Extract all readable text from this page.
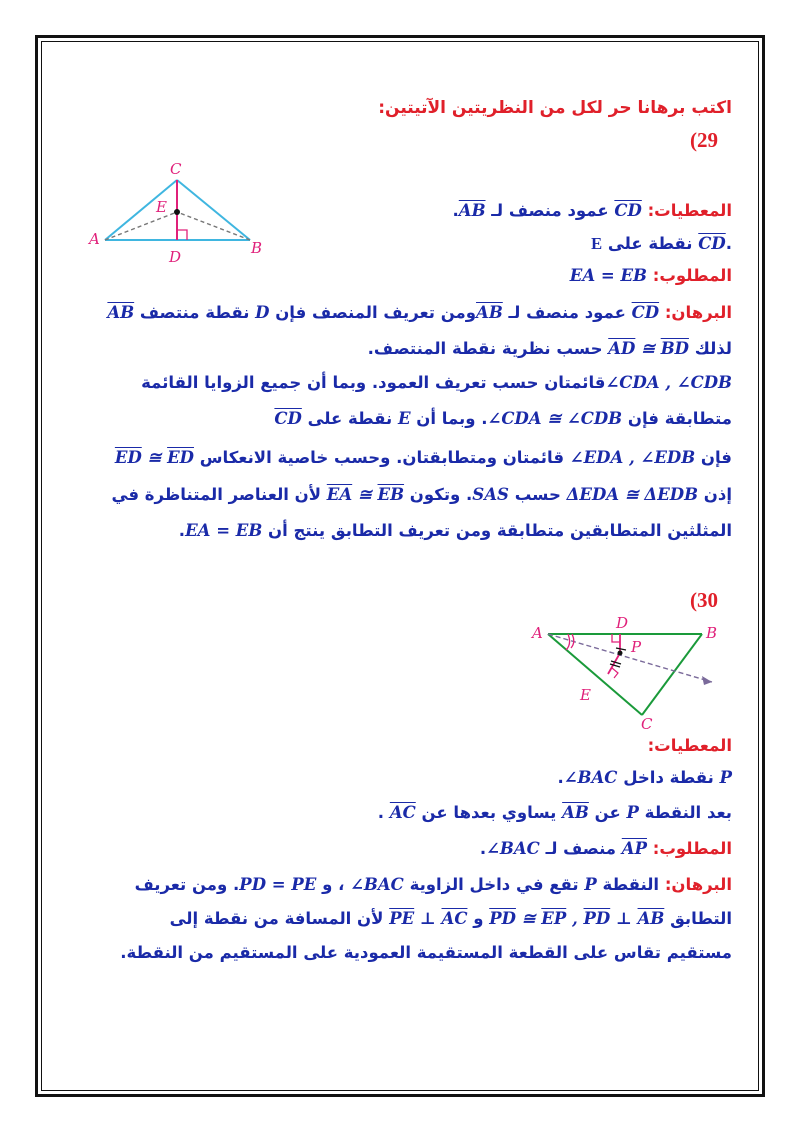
اكتب برهانا حر لكل من النظريتين الآتيتين:
(29
C
E
A	B
D
المعطيات: $\overline{CD}$ عمود منصف لـ $\overline{AB}$.
E نقطة على $\overline{CD}$.
المطلوب: EA = EB
البرهان: $\overline{CD}$ عمود منصف لـ $\overline{AB}ومن$ تعريف المنصف فإن D نقطة منتصف $\overline{AB}$
لذلك $\overline{AD}$ ≅ $\overline{BD}$ حسب نظرية نقطة المنتصف.
∠CDA , ∠CDBقائمتان حسب تعريف العمود. وبما أن جميع الزوايا القائمة
متطابقة فإن ∠CDA ≅ ∠CDB. وبما أن E نقطة على $\overline{CD}$
فإن ∠EDA , ∠EDB قائمتان ومتطابقتان. وحسب خاصية الانعكاس $\overline{ED}$ ≅ $\overline{ED}$
إذن ΔEDA ≅ ΔEDB حسب SAS. وتكون $\overline{EA}$ ≅ $\overline{EB}$ لأن العناصر المتناظرة في
المثلثين المتطابقين متطابقة ومن تعريف التطابق ينتج أن EA = EB.
(30
A
D
B
P
E
C
المعطيات:
P نقطة داخل ∠BAC.
بعد النقطة P عن $\overline{AB}$ يساوي بعدها عن $\overline{AC}$ .
المطلوب: $\overline{AP}$ منصف لـ ∠BAC.
البرهان: النقطة P تقع في داخل الزاوية ∠BAC ، و PD = PE. ومن تعريف
التطابق $\overline{PD}$ ≅ $\overline{EP}$ , $\overline{PD}$ ⊥ $\overline{AB}$ و $\overline{PE}$ ⊥ $\overline{AC}$ لأن المسافة من نقطة إلى
مستقيم تقاس على القطعة المستقيمة العمودية على المستقيم من النقطة.
